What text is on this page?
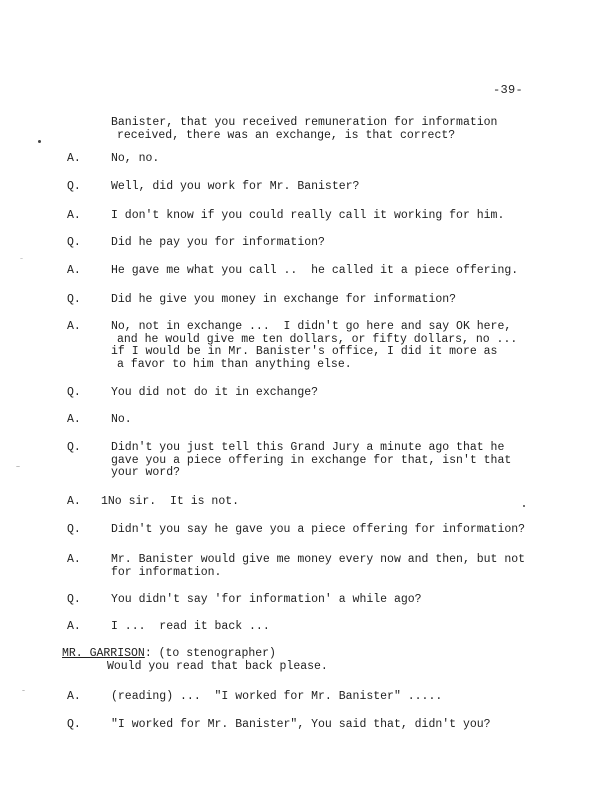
-39-
Banister, that you received remuneration for information
received, there was an exchange, is that correct?
A.	No, no.
Q.	Well, did you work for Mr. Banister?
A.	I don't know if you could really call it working for him.
Q.	Did he pay you for information?
A.	He gave me what you call ..  he called it a piece offering.
Q.	Did he give you money in exchange for information?
A.	No, not in exchange ...  I didn't go here and say OK here,
and he would give me ten dollars, or fifty dollars, no ...
if I would be in Mr. Banister's office, I did it more as
a favor to him than anything else.
Q.	You did not do it in exchange?
A.	No.
Q.	Didn't you just tell this Grand Jury a minute ago that he
gave you a piece offering in exchange for that, isn't that
your word?
A. 1No sir.  It is not.
Q.	Didn't you say he gave you a piece offering for information?
A.	Mr. Banister would give me money every now and then, but not
for information.
Q.	You didn't say 'for information' a while ago?
A.	I ...  read it back ...
MR. GARRISON: (to stenographer)
Would you read that back please.
A.	(reading) ...  "I worked for Mr. Banister" .....
Q.	"I worked for Mr. Banister", You said that, didn't you?
